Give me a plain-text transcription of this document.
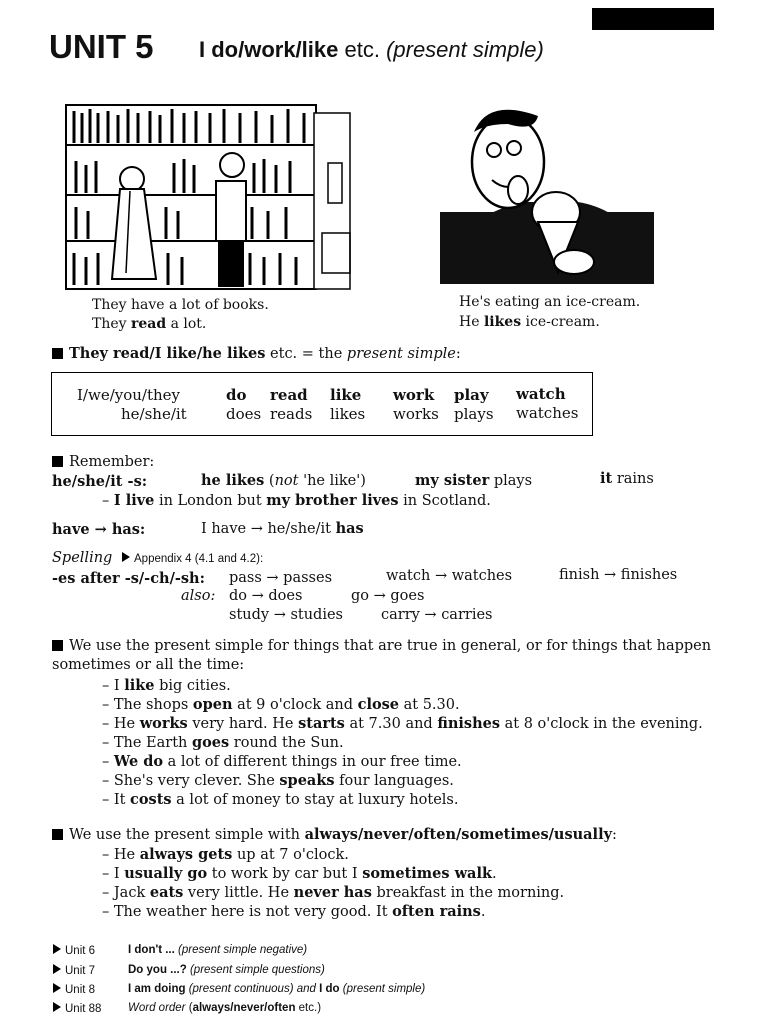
UNIT 5 I do/work/like etc. (present simple)
They have a lot of books.
They read a lot.
He's eating an ice-cream.
He likes ice-cream.
They read/I like/he likes etc. = the present simple:
I/we/you/they	do read like work play watch
he/she/it	does reads likes works plays watches
Remember:
he/she/it -s:	he likes (not 'he like')	my sister plays	it rains
– I live in London but my brother lives in Scotland.
have → has:	I have → he/she/it has
Spelling	Appendix 4 (4.1 and 4.2):
-es after -s/-ch/-sh: pass → passes	watch → watches	finish → finishes
also: do → does	go → goes
study → studies	carry → carries
We use the present simple for things that are true in general, or for things that happen
sometimes or all the time:
– I like big cities.
– The shops open at 9 o'clock and close at 5.30.
– He works very hard. He starts at 7.30 and finishes at 8 o'clock in the evening.
– The Earth goes round the Sun.
– We do a lot of different things in our free time.
– She's very clever. She speaks four languages.
– It costs a lot of money to stay at luxury hotels.
We use the present simple with always/never/often/sometimes/usually:
– He always gets up at 7 o'clock.
– I usually go to work by car but I sometimes walk.
– Jack eats very little. He never has breakfast in the morning.
– The weather here is not very good. It often rains.
Unit 6	I don't ... (present simple negative)
Unit 7	Do you ...? (present simple questions)
Unit 8	I am doing (present continuous) and I do (present simple)
Unit 88 Word order (always/never/often etc.)
